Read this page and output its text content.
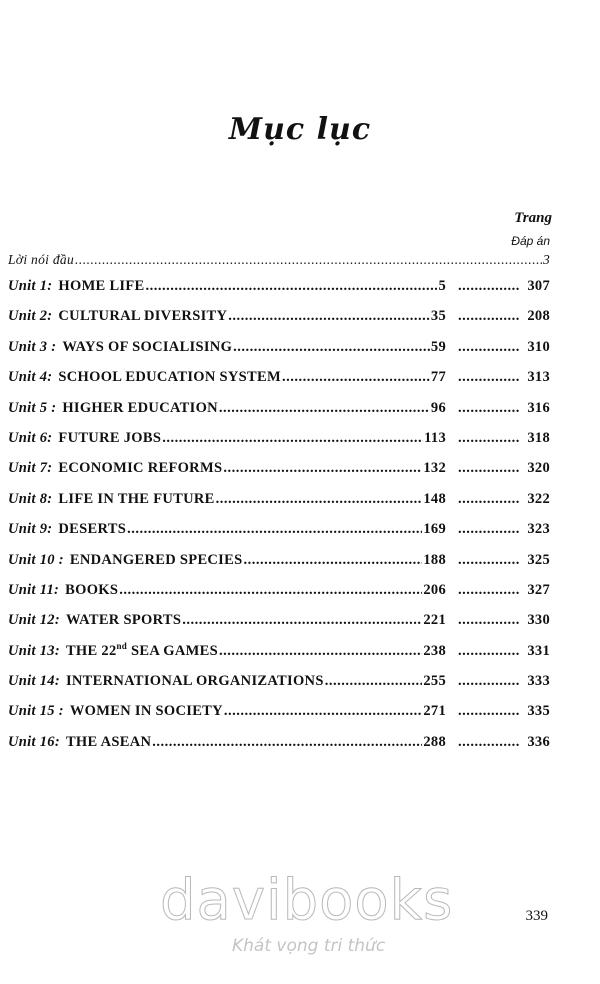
Mục lục
Trang
Đáp án
Lời nói đầu .....	3
Unit 1: HOME LIFE .....	5 .....	307
Unit 2: CULTURAL DIVERSITY .....	35 .....	208
Unit 3 : WAYS OF SOCIALISING .....	59 .....	310
Unit 4: SCHOOL EDUCATION SYSTEM .....	77 .....	313
Unit 5 : HIGHER EDUCATION .....	96 .....	316
Unit 6: FUTURE JOBS .....	113 .....	318
Unit 7: ECONOMIC REFORMS .....	132 .....	320
Unit 8: LIFE IN THE FUTURE .....	148 .....	322
Unit 9: DESERTS .....	169 .....	323
Unit 10 : ENDANGERED SPECIES .....	188 .....	325
Unit 11: BOOKS .....	206 .....	327
Unit 12: WATER SPORTS .....	221 .....	330
Unit 13: THE 22nd SEA GAMES .....	238 .....	331
Unit 14: INTERNATIONAL ORGANIZATIONS .....	255 .....	333
Unit 15 : WOMEN IN SOCIETY .....	271 .....	335
Unit 16: THE ASEAN .....	288 .....	336
davibooks
Khát vọng tri thức
339
